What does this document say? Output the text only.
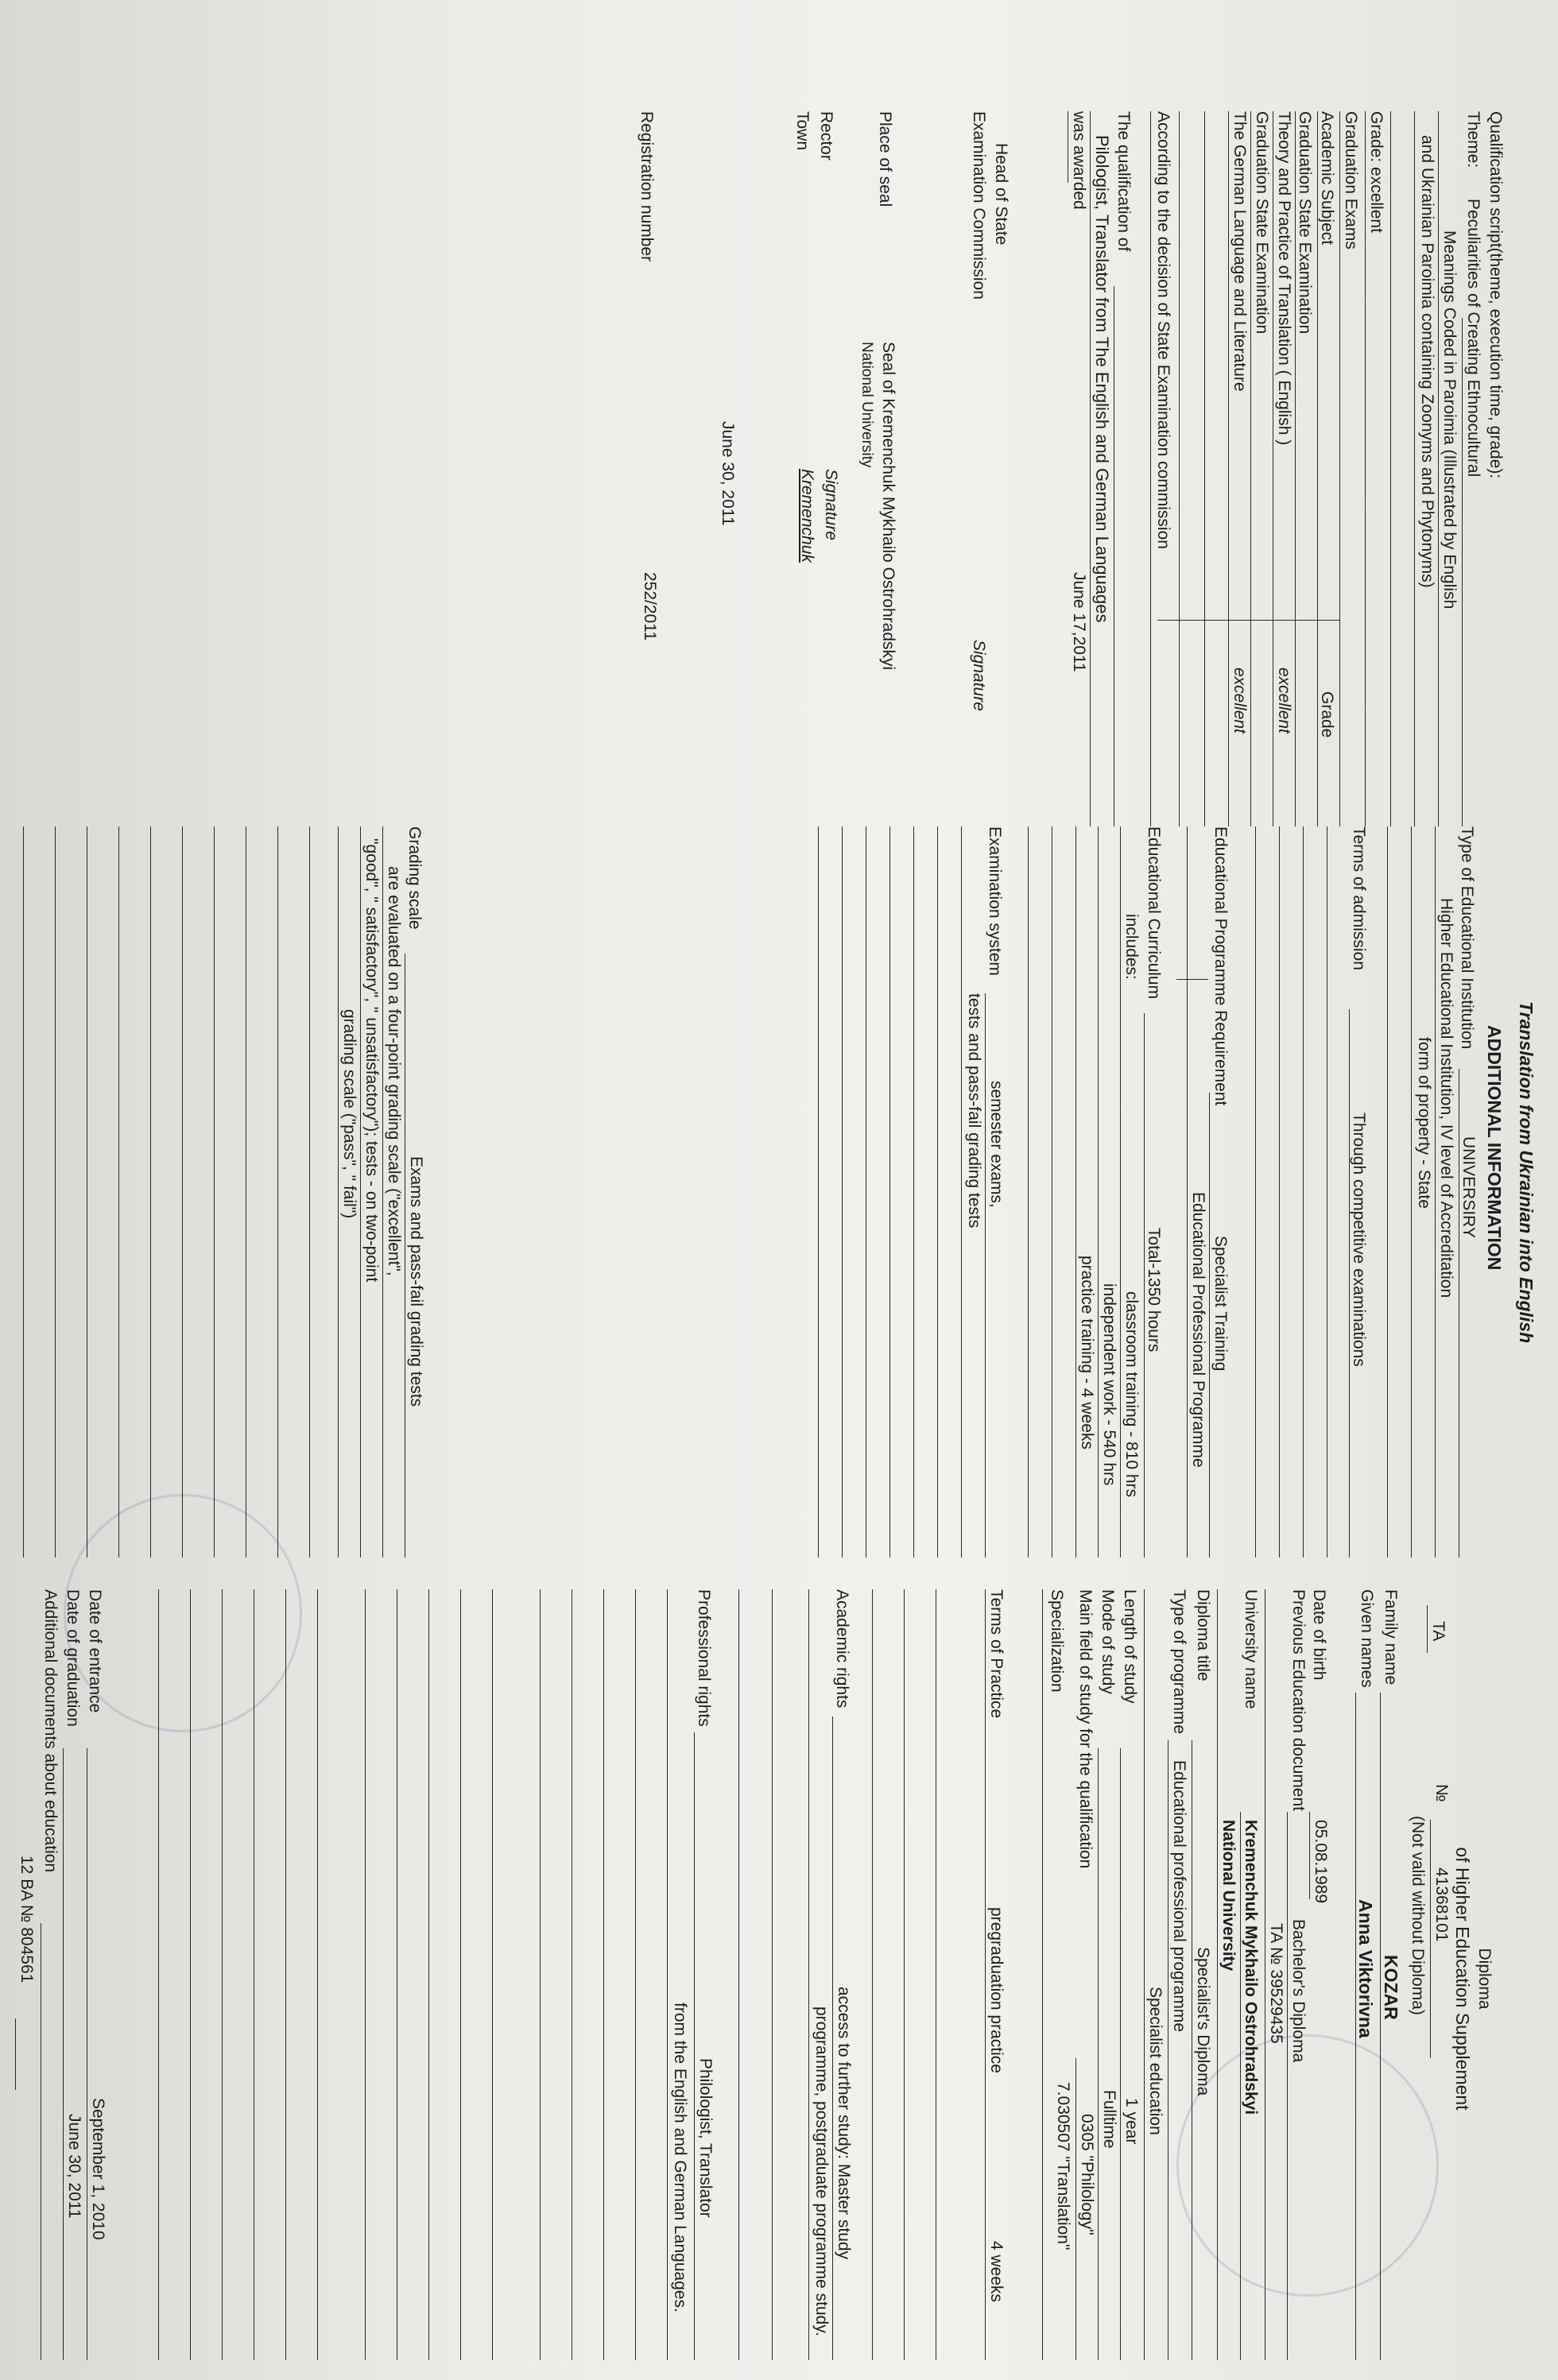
Translation from Ukrainian into English
Diploma
of Higher Education Supplement
TA
№
41368101
(Not valid without Diploma)
Family name
KOZAR
Given names
Anna Viktorivna
Date of birth
05.08.1989
Previous Education document
Bachelor's Diploma
TA № 39529435
University name
Kremenchuk Mykhailo Ostrohradskyi
National University
Diploma title
Specialist's Diploma
Type of programme
Educational professional programme
Specialist education
Length of study
1 year
Mode of study
Fulltime
Main field of study for the qualification
0305 "Philology"
Specialization
7.030507 "Translation"
Terms of Practice
pregraduation practice
4 weeks
Academic rights
access to further study: Master study
programme, postgraduate programme study.
Professional rights
Philologist, Translator
from the English and German Languages.
Date of entrance
September 1, 2010
Date of graduation
June 30, 2011
Additional documents about education
12 BA № 804561
ADDITIONAL INFORMATION
Type of Educational Institution
UNIVERSIRY
Higher Educational Institution, IV level of Accreditation
form of property - State
Terms of admission
Through competitive examinations
Educational Programme Requirement
Specialist Training
Educational Professional Programme
Educational Curriculum
Total-1350 hours
includes:
classroom training - 810 hrs
independent work - 540 hrs
practice training - 4 weeks
Examination system
semester exams,
tests and pass-fail grading tests
Grading scale
Exams and pass-fail grading tests
are evaluated on a four-point grading scale ("excellent",
"good", " satisfactory", " unsatisfactory"); tests - on two-point
grading scale ("pass", " fail")
Qualification script(theme, execution time, grade):
Theme:
Peculiarities of Creating Ethnocultural
Meanings Coded in Paroimia (Illustrated by English
and Ukrainian Paroimia containing Zoonyms and Phytonyms)
Grade: excellent
Graduation Exams
Academic Subject
Grade
Graduation State Examination
Theory and Practice of Translation ( English )
excellent
Graduation State Examination
The German Language and Literature
excellent
According to the decision of State Examination commission
The qualification of
Pilologist, Translator from The English and German Languages
was awarded
June 17,2011
Head of State
Examination Commission
Signature
Place of seal
Seal of Kremenchuk Mykhailo Ostrohradskyi
National University
Rector
Signature
Town
Kremenchuk
June 30, 2011
Registration number
252/2011
